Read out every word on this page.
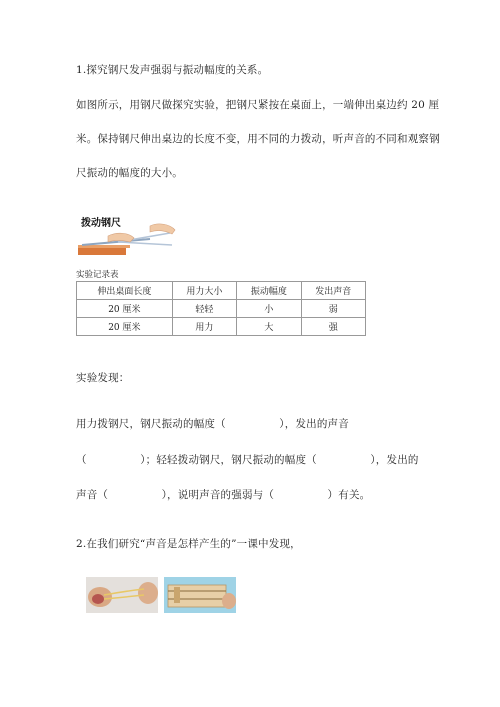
1.探究钢尺发声强弱与振动幅度的关系。
如图所示，用钢尺做探究实验，把钢尺紧按在桌面上，一端伸出桌边约 20 厘
米。保持钢尺伸出桌边的长度不变，用不同的力拨动，听声音的不同和观察钢
尺振动的幅度的大小。
拨动钢尺
实验记录表
伸出桌面长度	用力大小	振动幅度	发出声音
20 厘米	轻轻	小	弱
20 厘米	用力	大	强
实验发现：
用力拨钢尺，钢尺振动的幅度（　　　　　），发出的声音
（　　　　　）；轻轻拨动钢尺，钢尺振动的幅度（　　　　　），发出的
声音（　　　　　），说明声音的强弱与（　　　　　）有关。
2.在我们研究“声音是怎样产生的”一课中发现，
